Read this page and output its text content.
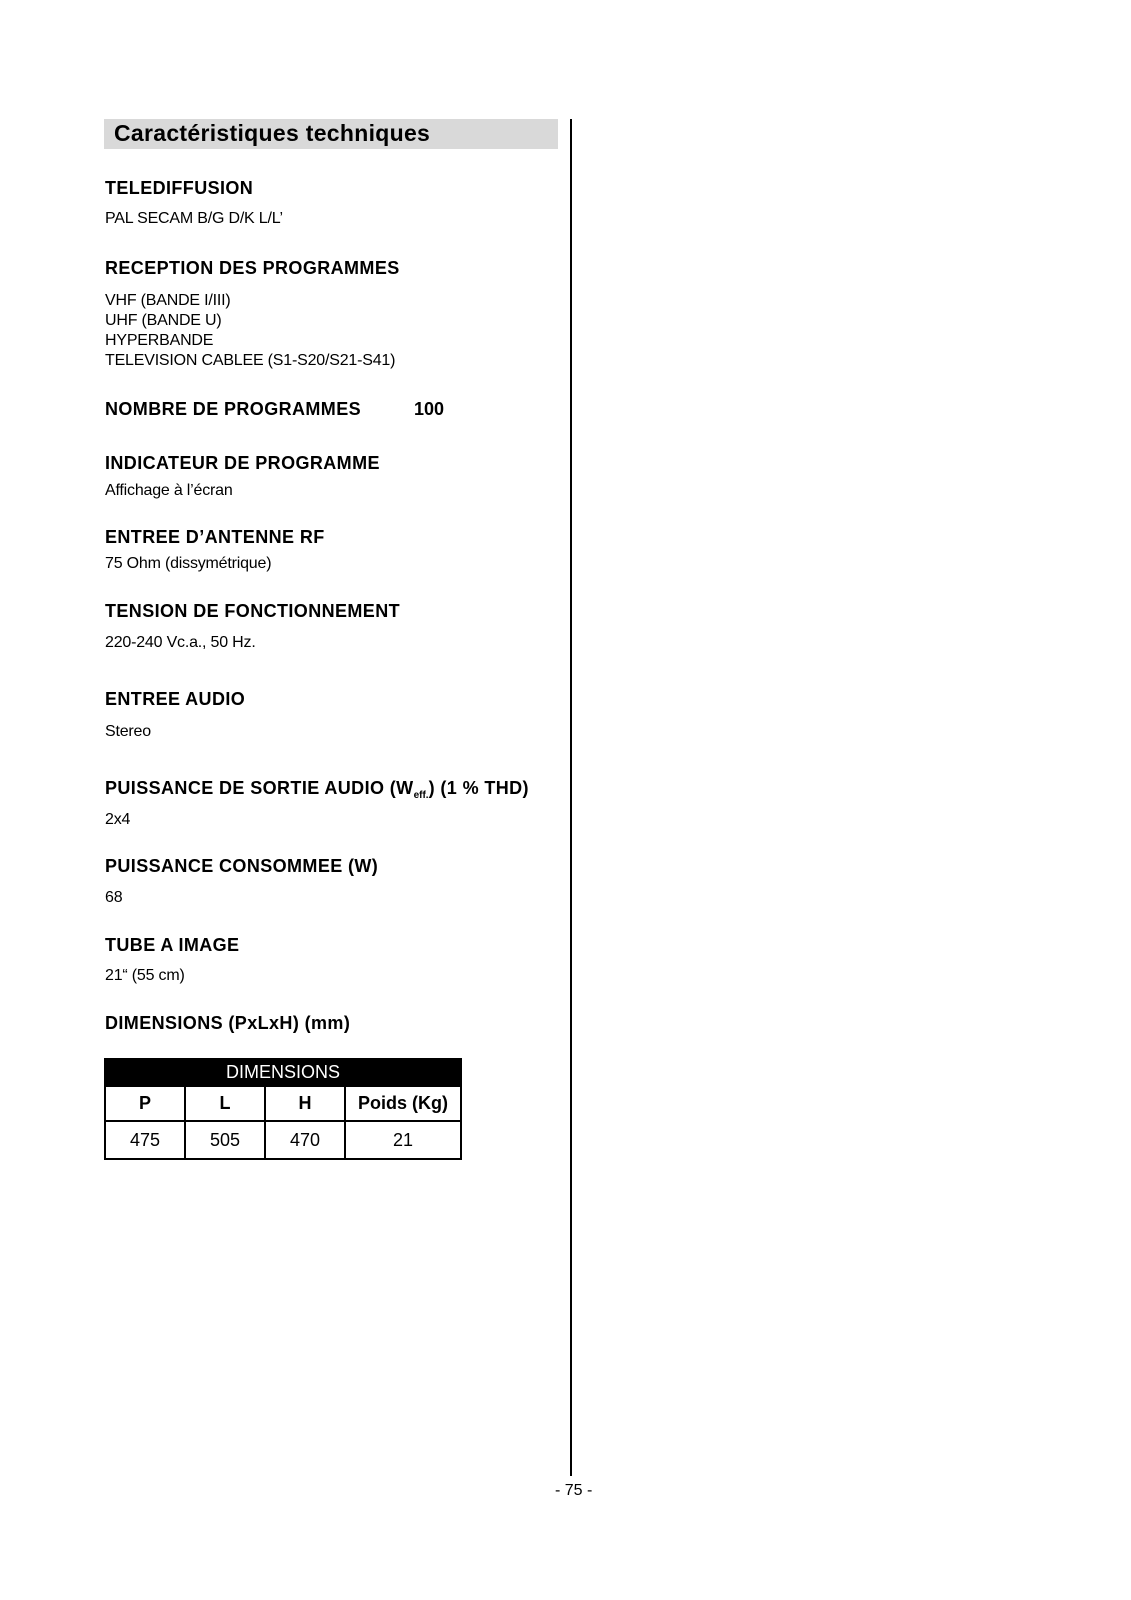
Caractéristiques techniques
TELEDIFFUSION
PAL SECAM B/G D/K L/L’
RECEPTION DES PROGRAMMES
VHF (BANDE I/III)
UHF (BANDE U)
HYPERBANDE
TELEVISION CABLEE (S1-S20/S21-S41)
NOMBRE DE PROGRAMMES	100
INDICATEUR DE PROGRAMME
Affichage à l’écran
ENTREE D’ANTENNE RF
75 Ohm (dissymétrique)
TENSION DE FONCTIONNEMENT
220-240 Vc.a., 50 Hz.
ENTREE AUDIO
Stereo
PUISSANCE DE SORTIE AUDIO $(W_{eff.})$ (1 % THD)
2x4
PUISSANCE CONSOMMEE (W)
68
TUBE A IMAGE
21“ (55 cm)
DIMENSIONS (PxLxH) (mm)
DIMENSIONS			
P	L	H	Poids (Kg)
475	505	470	21
- 75 -
